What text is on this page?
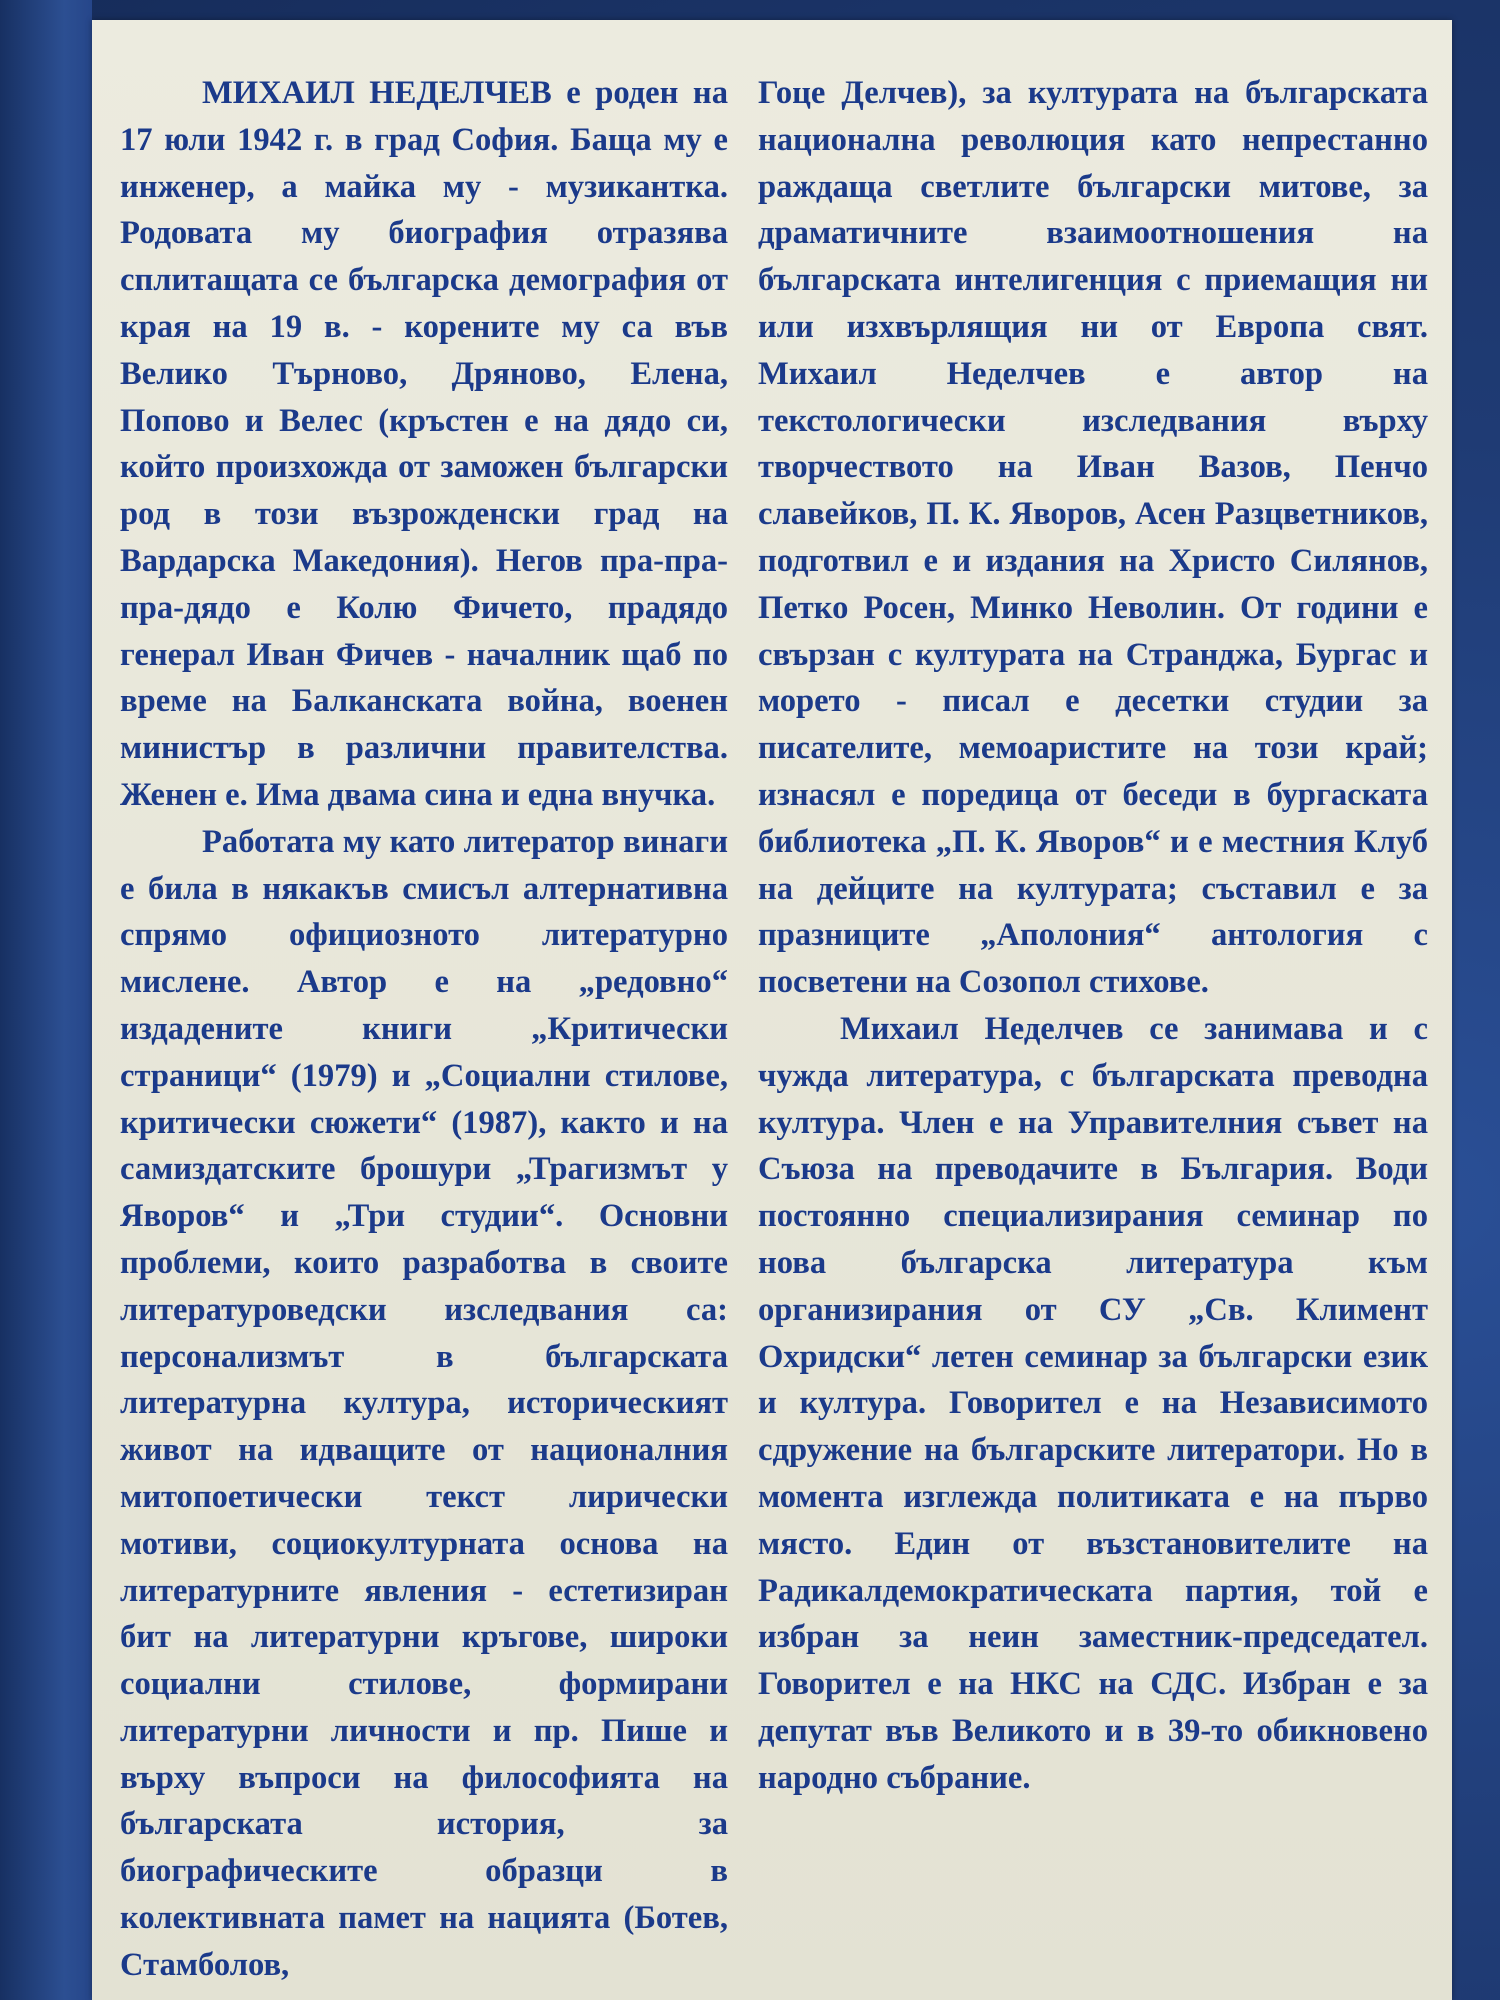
МИХАИЛ НЕДЕЛЧЕВ е роден на 17 юли 1942 г. в град София. Баща му е инженер, а майка му - музикантка. Родовата му биография отразява сплитащата се българска демография от края на 19 в. - корените му са във Велико Търново, Дряново, Елена, Попово и Велес (кръстен е на дядо си, който произхожда от заможен български род в този възрожденски град на Вардарска Македония). Негов пра-пра-пра-дядо е Колю Фичето, прадядо генерал Иван Фичев - началник щаб по време на Балканската война, военен министър в различни правителства. Женен е. Има двама сина и една внучка.

Работата му като литератор винаги е била в някакъв смисъл алтернативна спрямо официозното литературно мислене. Автор е на „редовно“ издадените книги „Критически страници“ (1979) и „Социални стилове, критически сюжети“ (1987), както и на самиздатските брошури „Трагизмът у Яворов“ и „Три студии“. Основни проблеми, които разработва в своите литературоведски изследвания са: персонализмът в българската литературна култура, историческият живот на идващите от националния митопоетически текст лирически мотиви, социокултурната основа на литературните явления - естетизиран бит на литературни кръгове, широки социални стилове, формирани литературни личности и пр. Пише и върху въпроси на философията на българската история, за биографическите образци в колективната памет на нацията (Ботев, Стамболов,

Гоце Делчев), за културата на българската национална революция като непрестанно раждаща светлите български митове, за драматичните взаимоотношения на българската интелигенция с приемащия ни или изхвърлящия ни от Европа свят. Михаил Неделчев е автор на текстологически изследвания върху творчеството на Иван Вазов, Пенчо славейков, П. К. Яворов, Асен Разцветников, подготвил е и издания на Христо Силянов, Петко Росен, Минко Неволин. От години е свързан с културата на Странджа, Бургас и морето - писал е десетки студии за писателите, мемоаристите на този край; изнасял е поредица от беседи в бургаската библиотека „П. К. Яворов“ и е местния Клуб на дейците на културата; съставил е за празниците „Аполония“ антология с посветени на Созопол стихове.

Михаил Неделчев се занимава и с чужда литература, с българската преводна култура. Член е на Управителния съвет на Съюза на преводачите в България. Води постоянно специализирания семинар по нова българска литература към организирания от СУ „Св. Климент Охридски“ летен семинар за български език и култура. Говорител е на Независимото сдружение на българските литератори. Но в момента изглежда политиката е на първо място. Един от възстановителите на Радикалдемократическата партия, той е избран за неин заместник-председател. Говорител е на НКС на СДС. Избран е за депутат във Великото и в 39-то обикновено народно събрание.
